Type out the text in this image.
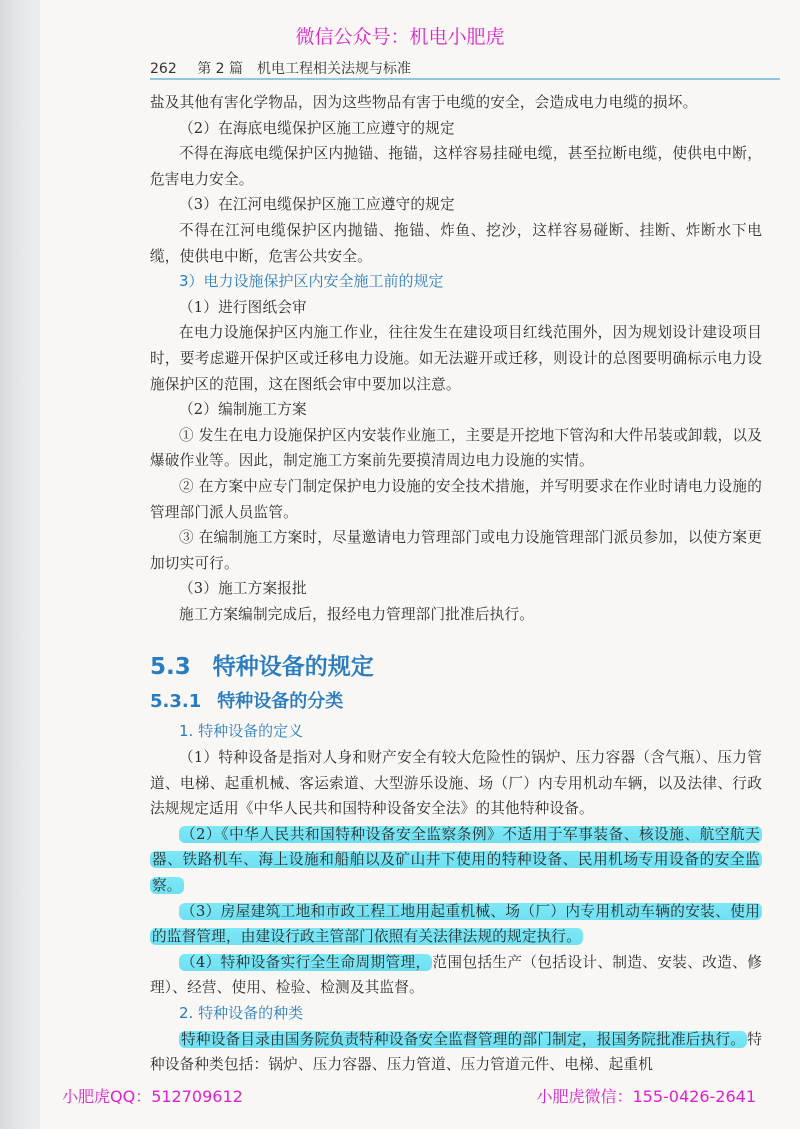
微信公众号：机电小肥虎
262 第 2 篇　机电工程相关法规与标准

盐及其他有害化学物品，因为这些物品有害于电缆的安全，会造成电力电缆的损坏。

（2）在海底电缆保护区施工应遵守的规定

不得在海底电缆保护区内抛锚、拖锚，这样容易挂碰电缆，甚至拉断电缆，使供电中断，危害电力安全。

（3）在江河电缆保护区施工应遵守的规定

不得在江河电缆保护区内抛锚、拖锚、炸鱼、挖沙，这样容易碰断、挂断、炸断水下电缆，使供电中断，危害公共安全。

3）电力设施保护区内安全施工前的规定

（1）进行图纸会审

在电力设施保护区内施工作业，往往发生在建设项目红线范围外，因为规划设计建设项目时，要考虑避开保护区或迁移电力设施。如无法避开或迁移，则设计的总图要明确标示电力设施保护区的范围，这在图纸会审中要加以注意。

（2）编制施工方案

① 发生在电力设施保护区内安装作业施工，主要是开挖地下管沟和大件吊装或卸载，以及爆破作业等。因此，制定施工方案前先要摸清周边电力设施的实情。

② 在方案中应专门制定保护电力设施的安全技术措施，并写明要求在作业时请电力设施的管理部门派人员监管。

③ 在编制施工方案时，尽量邀请电力管理部门或电力设施管理部门派员参加，以使方案更加切实可行。

（3）施工方案报批

施工方案编制完成后，报经电力管理部门批准后执行。

5.3 特种设备的规定
5.3.1 特种设备的分类

1. 特种设备的定义

（1）特种设备是指对人身和财产安全有较大危险性的锅炉、压力容器（含气瓶）、压力管道、电梯、起重机械、客运索道、大型游乐设施、场（厂）内专用机动车辆，以及法律、行政法规规定适用《中华人民共和国特种设备安全法》的其他特种设备。

（2）《中华人民共和国特种设备安全监察条例》不适用于军事装备、核设施、航空航天器、铁路机车、海上设施和船舶以及矿山井下使用的特种设备、民用机场专用设备的安全监察。

（3）房屋建筑工地和市政工程工地用起重机械、场（厂）内专用机动车辆的安装、使用的监督管理，由建设行政主管部门依照有关法律法规的规定执行。

（4）特种设备实行全生命周期管理， 范围包括生产（包括设计、制造、安装、改造、修理）、经营、使用、检验、检测及其监督。

2. 特种设备的种类

特种设备目录由国务院负责特种设备安全监督管理的部门制定，报国务院批准后执行。 特种设备种类包括：锅炉、压力容器、压力管道、压力管道元件、电梯、起重机

小肥虎QQ：512709612	小肥虎微信：155-0426-2641
